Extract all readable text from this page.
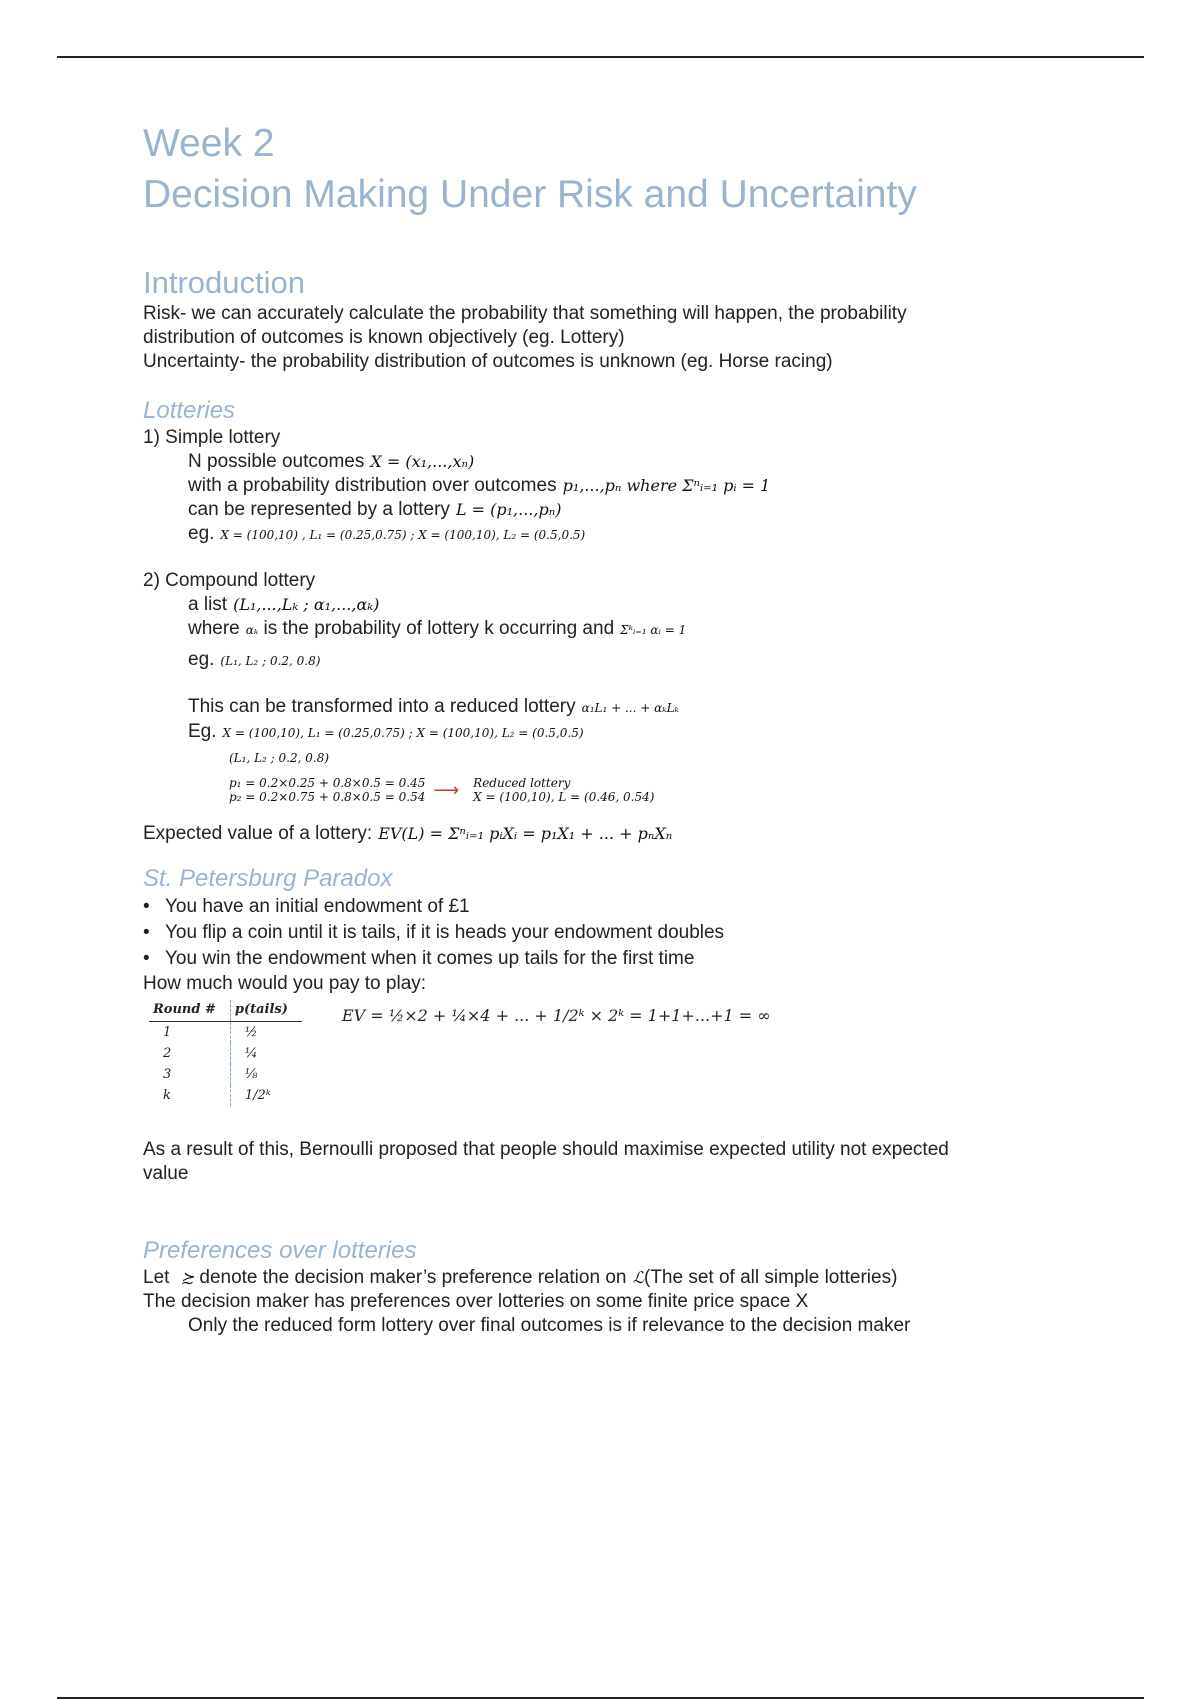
Week 2
Decision Making Under Risk and Uncertainty
Introduction

Risk- we can accurately calculate the probability that something will happen, the probability

distribution of outcomes is known objectively (eg. Lottery)

Uncertainty- the probability distribution of outcomes is unknown (eg. Horse racing)

Lotteries

1) Simple lottery

N possible outcomes X = (x₁,...,xₙ)

with a probability distribution over outcomes p₁,...,pₙ where Σⁿᵢ₌₁ pᵢ = 1

can be represented by a lottery L = (p₁,...,pₙ)

eg. X = (100,10) , L₁ = (0.25,0.75) ; X = (100,10), L₂ = (0.5,0.5)

2) Compound lottery

a list (L₁,...,Lₖ ; α₁,...,αₖ)

where αₖ is the probability of lottery k occurring and Σᵏᵢ₌₁ αᵢ = 1

eg. (L₁, L₂ ; 0.2, 0.8)

This can be transformed into a reduced lottery α₁L₁ + ... + αₖLₖ

Eg. X = (100,10), L₁ = (0.25,0.75) ; X = (100,10), L₂ = (0.5,0.5)

(L₁, L₂ ; 0.2, 0.8)

p₁ = 0.2×0.25 + 0.8×0.5 = 0.45
p₂ = 0.2×0.75 + 0.8×0.5 = 0.54 ⟶ Reduced lottery
X = (100,10), L = (0.46, 0.54)

Expected value of a lottery: EV(L) = Σⁿᵢ₌₁ pᵢXᵢ = p₁X₁ + ... + pₙXₙ

St. Petersburg Paradox
• You have an initial endowment of £1
• You flip a coin until it is tails, if it is heads your endowment doubles
• You win the endowment when it comes up tails for the first time

How much would you pay to play:

Round #	p(tails)
1	½
2	¼
3	⅛
k	1/2ᵏ
EV = ½×2 + ¼×4 + ... + 1/2ᵏ × 2ᵏ = 1+1+...+1 = ∞

As a result of this, Bernoulli proposed that people should maximise expected utility not expected

value

Preferences over lotteries

Let ≿ denote the decision maker’s preference relation on ℒ(The set of all simple lotteries)

The decision maker has preferences over lotteries on some finite price space X

Only the reduced form lottery over final outcomes is if relevance to the decision maker
